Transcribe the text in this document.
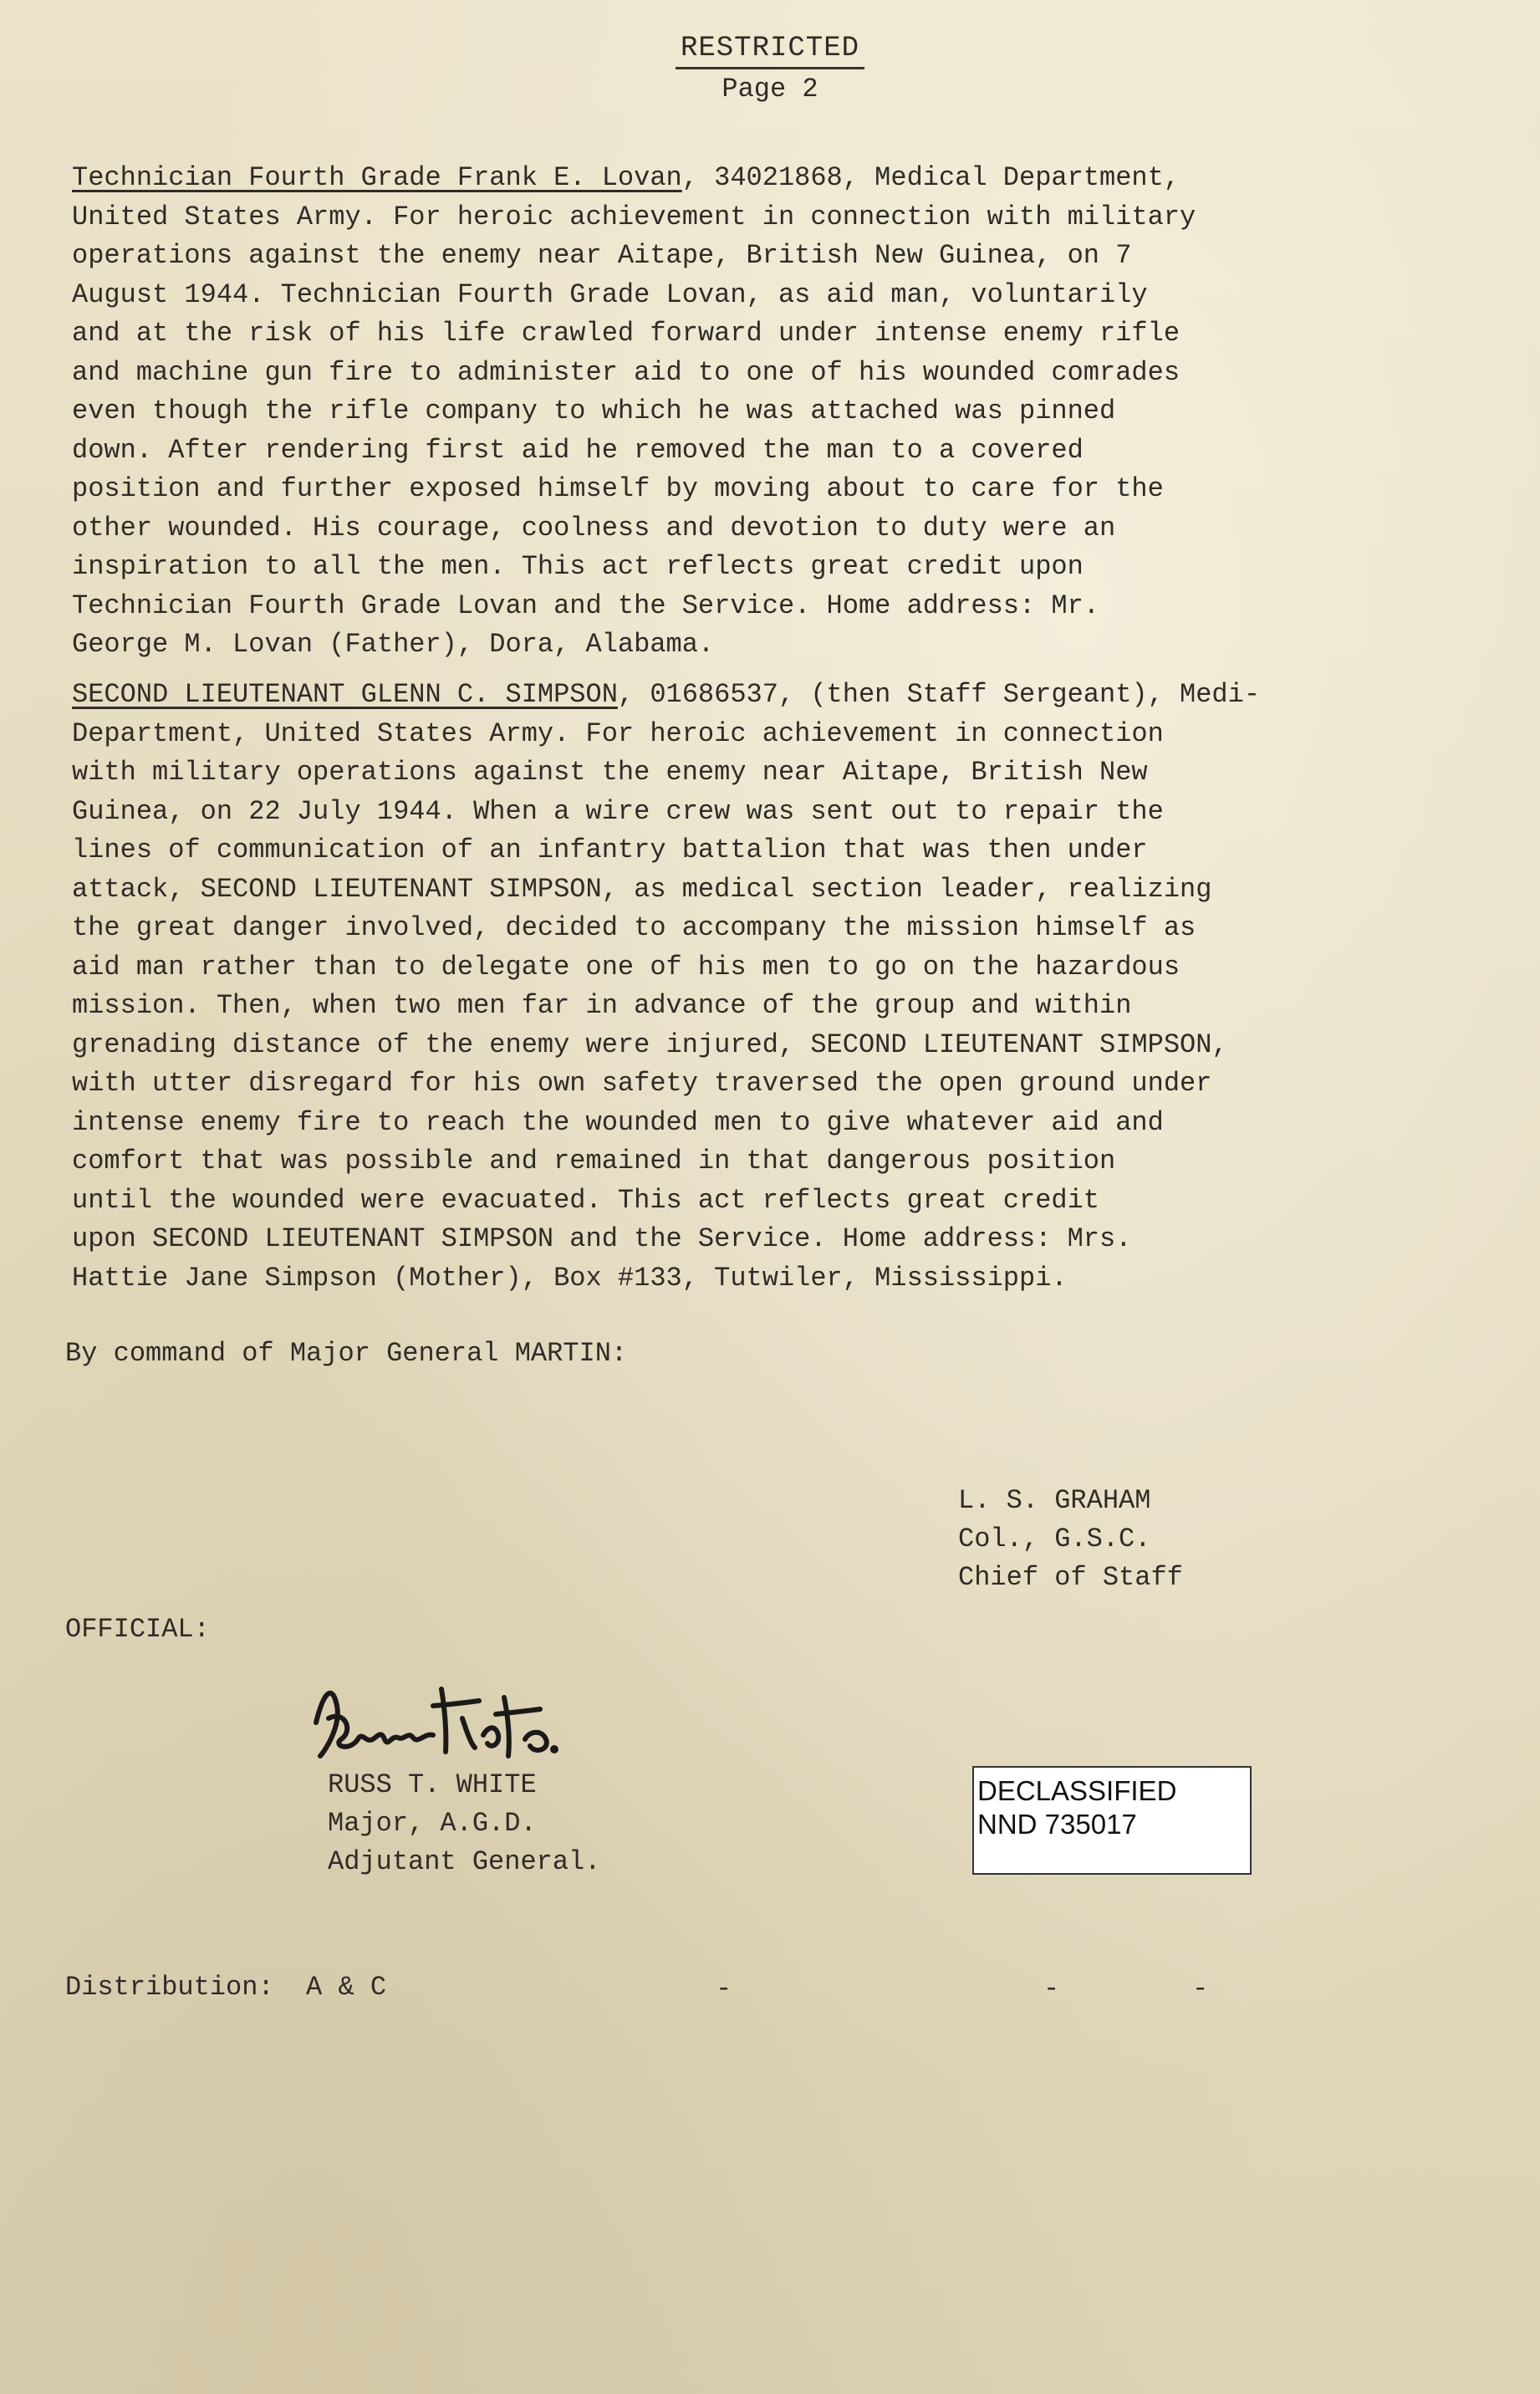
RESTRICTED
Page 2
Technician Fourth Grade Frank E. Lovan, 34021868, Medical Department,
United States Army. For heroic achievement in connection with military
operations against the enemy near Aitape, British New Guinea, on 7
August 1944. Technician Fourth Grade Lovan, as aid man, voluntarily
and at the risk of his life crawled forward under intense enemy rifle
and machine gun fire to administer aid to one of his wounded comrades
even though the rifle company to which he was attached was pinned
down. After rendering first aid he removed the man to a covered
position and further exposed himself by moving about to care for the
other wounded. His courage, coolness and devotion to duty were an
inspiration to all the men. This act reflects great credit upon
Technician Fourth Grade Lovan and the Service. Home address: Mr.
George M. Lovan (Father), Dora, Alabama.
SECOND LIEUTENANT GLENN C. SIMPSON, 01686537, (then Staff Sergeant), Medi-
Department, United States Army. For heroic achievement in connection
with military operations against the enemy near Aitape, British New
Guinea, on 22 July 1944. When a wire crew was sent out to repair the
lines of communication of an infantry battalion that was then under
attack, SECOND LIEUTENANT SIMPSON, as medical section leader, realizing
the great danger involved, decided to accompany the mission himself as
aid man rather than to delegate one of his men to go on the hazardous
mission. Then, when two men far in advance of the group and within
grenading distance of the enemy were injured, SECOND LIEUTENANT SIMPSON,
with utter disregard for his own safety traversed the open ground under
intense enemy fire to reach the wounded men to give whatever aid and
comfort that was possible and remained in that dangerous position
until the wounded were evacuated. This act reflects great credit
upon SECOND LIEUTENANT SIMPSON and the Service. Home address: Mrs.
Hattie Jane Simpson (Mother), Box #133, Tutwiler, Mississippi.

By command of Major General MARTIN:

L. S. GRAHAM
Col., G.S.C.
Chief of Staff

OFFICIAL:

RUSS T. WHITE
Major, A.G.D.
Adjutant General.
DECLASSIFIED
NND 735017

Distribution:  A & C	-	-	-
